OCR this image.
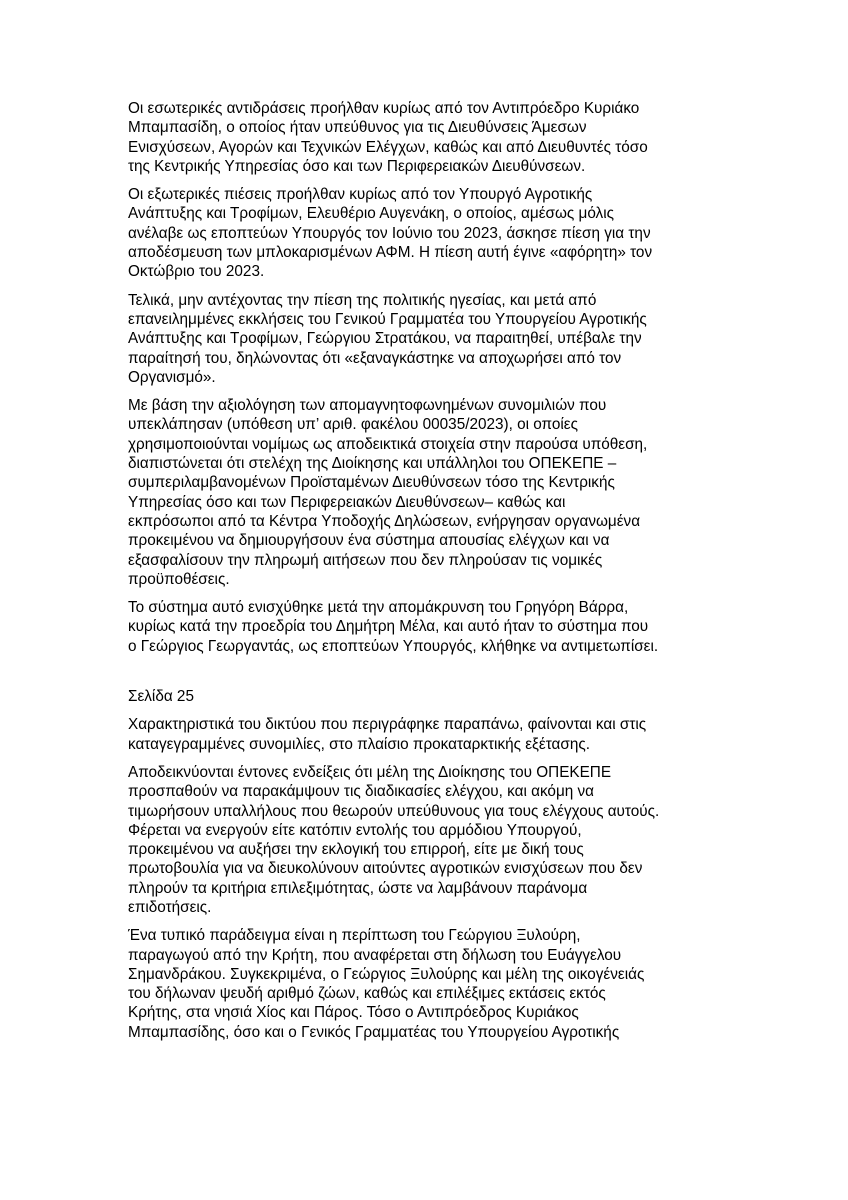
Οι εσωτερικές αντιδράσεις προήλθαν κυρίως από τον Αντιπρόεδρο Κυριάκο
Μπαμπασίδη, ο οποίος ήταν υπεύθυνος για τις Διευθύνσεις Άμεσων
Ενισχύσεων, Αγορών και Τεχνικών Ελέγχων, καθώς και από Διευθυντές τόσο
της Κεντρικής Υπηρεσίας όσο και των Περιφερειακών Διευθύνσεων.

Οι εξωτερικές πιέσεις προήλθαν κυρίως από τον Υπουργό Αγροτικής
Ανάπτυξης και Τροφίμων, Ελευθέριο Αυγενάκη, ο οποίος, αμέσως μόλις
ανέλαβε ως εποπτεύων Υπουργός τον Ιούνιο του 2023, άσκησε πίεση για την
αποδέσμευση των μπλοκαρισμένων ΑΦΜ. Η πίεση αυτή έγινε «αφόρητη» τον
Οκτώβριο του 2023.

Τελικά, μην αντέχοντας την πίεση της πολιτικής ηγεσίας, και μετά από
επανειλημμένες εκκλήσεις του Γενικού Γραμματέα του Υπουργείου Αγροτικής
Ανάπτυξης και Τροφίμων, Γεώργιου Στρατάκου, να παραιτηθεί, υπέβαλε την
παραίτησή του, δηλώνοντας ότι «εξαναγκάστηκε να αποχωρήσει από τον
Οργανισμό».

Με βάση την αξιολόγηση των απομαγνητοφωνημένων συνομιλιών που
υπεκλάπησαν (υπόθεση υπ’ αριθ. φακέλου 00035/2023), οι οποίες
χρησιμοποιούνται νομίμως ως αποδεικτικά στοιχεία στην παρούσα υπόθεση,
διαπιστώνεται ότι στελέχη της Διοίκησης και υπάλληλοι του ΟΠΕΚΕΠΕ –
συμπεριλαμβανομένων Προϊσταμένων Διευθύνσεων τόσο της Κεντρικής
Υπηρεσίας όσο και των Περιφερειακών Διευθύνσεων– καθώς και
εκπρόσωποι από τα Κέντρα Υποδοχής Δηλώσεων, ενήργησαν οργανωμένα
προκειμένου να δημιουργήσουν ένα σύστημα απουσίας ελέγχων και να
εξασφαλίσουν την πληρωμή αιτήσεων που δεν πληρούσαν τις νομικές
προϋποθέσεις.

Το σύστημα αυτό ενισχύθηκε μετά την απομάκρυνση του Γρηγόρη Βάρρα,
κυρίως κατά την προεδρία του Δημήτρη Μέλα, και αυτό ήταν το σύστημα που
ο Γεώργιος Γεωργαντάς, ως εποπτεύων Υπουργός, κλήθηκε να αντιμετωπίσει.

Σελίδα 25

Χαρακτηριστικά του δικτύου που περιγράφηκε παραπάνω, φαίνονται και στις
καταγεγραμμένες συνομιλίες, στο πλαίσιο προκαταρκτικής εξέτασης.

Αποδεικνύονται έντονες ενδείξεις ότι μέλη της Διοίκησης του ΟΠΕΚΕΠΕ
προσπαθούν να παρακάμψουν τις διαδικασίες ελέγχου, και ακόμη να
τιμωρήσουν υπαλλήλους που θεωρούν υπεύθυνους για τους ελέγχους αυτούς.
Φέρεται να ενεργούν είτε κατόπιν εντολής του αρμόδιου Υπουργού,
προκειμένου να αυξήσει την εκλογική του επιρροή, είτε με δική τους
πρωτοβουλία για να διευκολύνουν αιτούντες αγροτικών ενισχύσεων που δεν
πληρούν τα κριτήρια επιλεξιμότητας, ώστε να λαμβάνουν παράνομα
επιδοτήσεις.

Ένα τυπικό παράδειγμα είναι η περίπτωση του Γεώργιου Ξυλούρη,
παραγωγού από την Κρήτη, που αναφέρεται στη δήλωση του Ευάγγελου
Σημανδράκου. Συγκεκριμένα, ο Γεώργιος Ξυλούρης και μέλη της οικογένειάς
του δήλωναν ψευδή αριθμό ζώων, καθώς και επιλέξιμες εκτάσεις εκτός
Κρήτης, στα νησιά Χίος και Πάρος. Τόσο ο Αντιπρόεδρος Κυριάκος
Μπαμπασίδης, όσο και ο Γενικός Γραμματέας του Υπουργείου Αγροτικής
